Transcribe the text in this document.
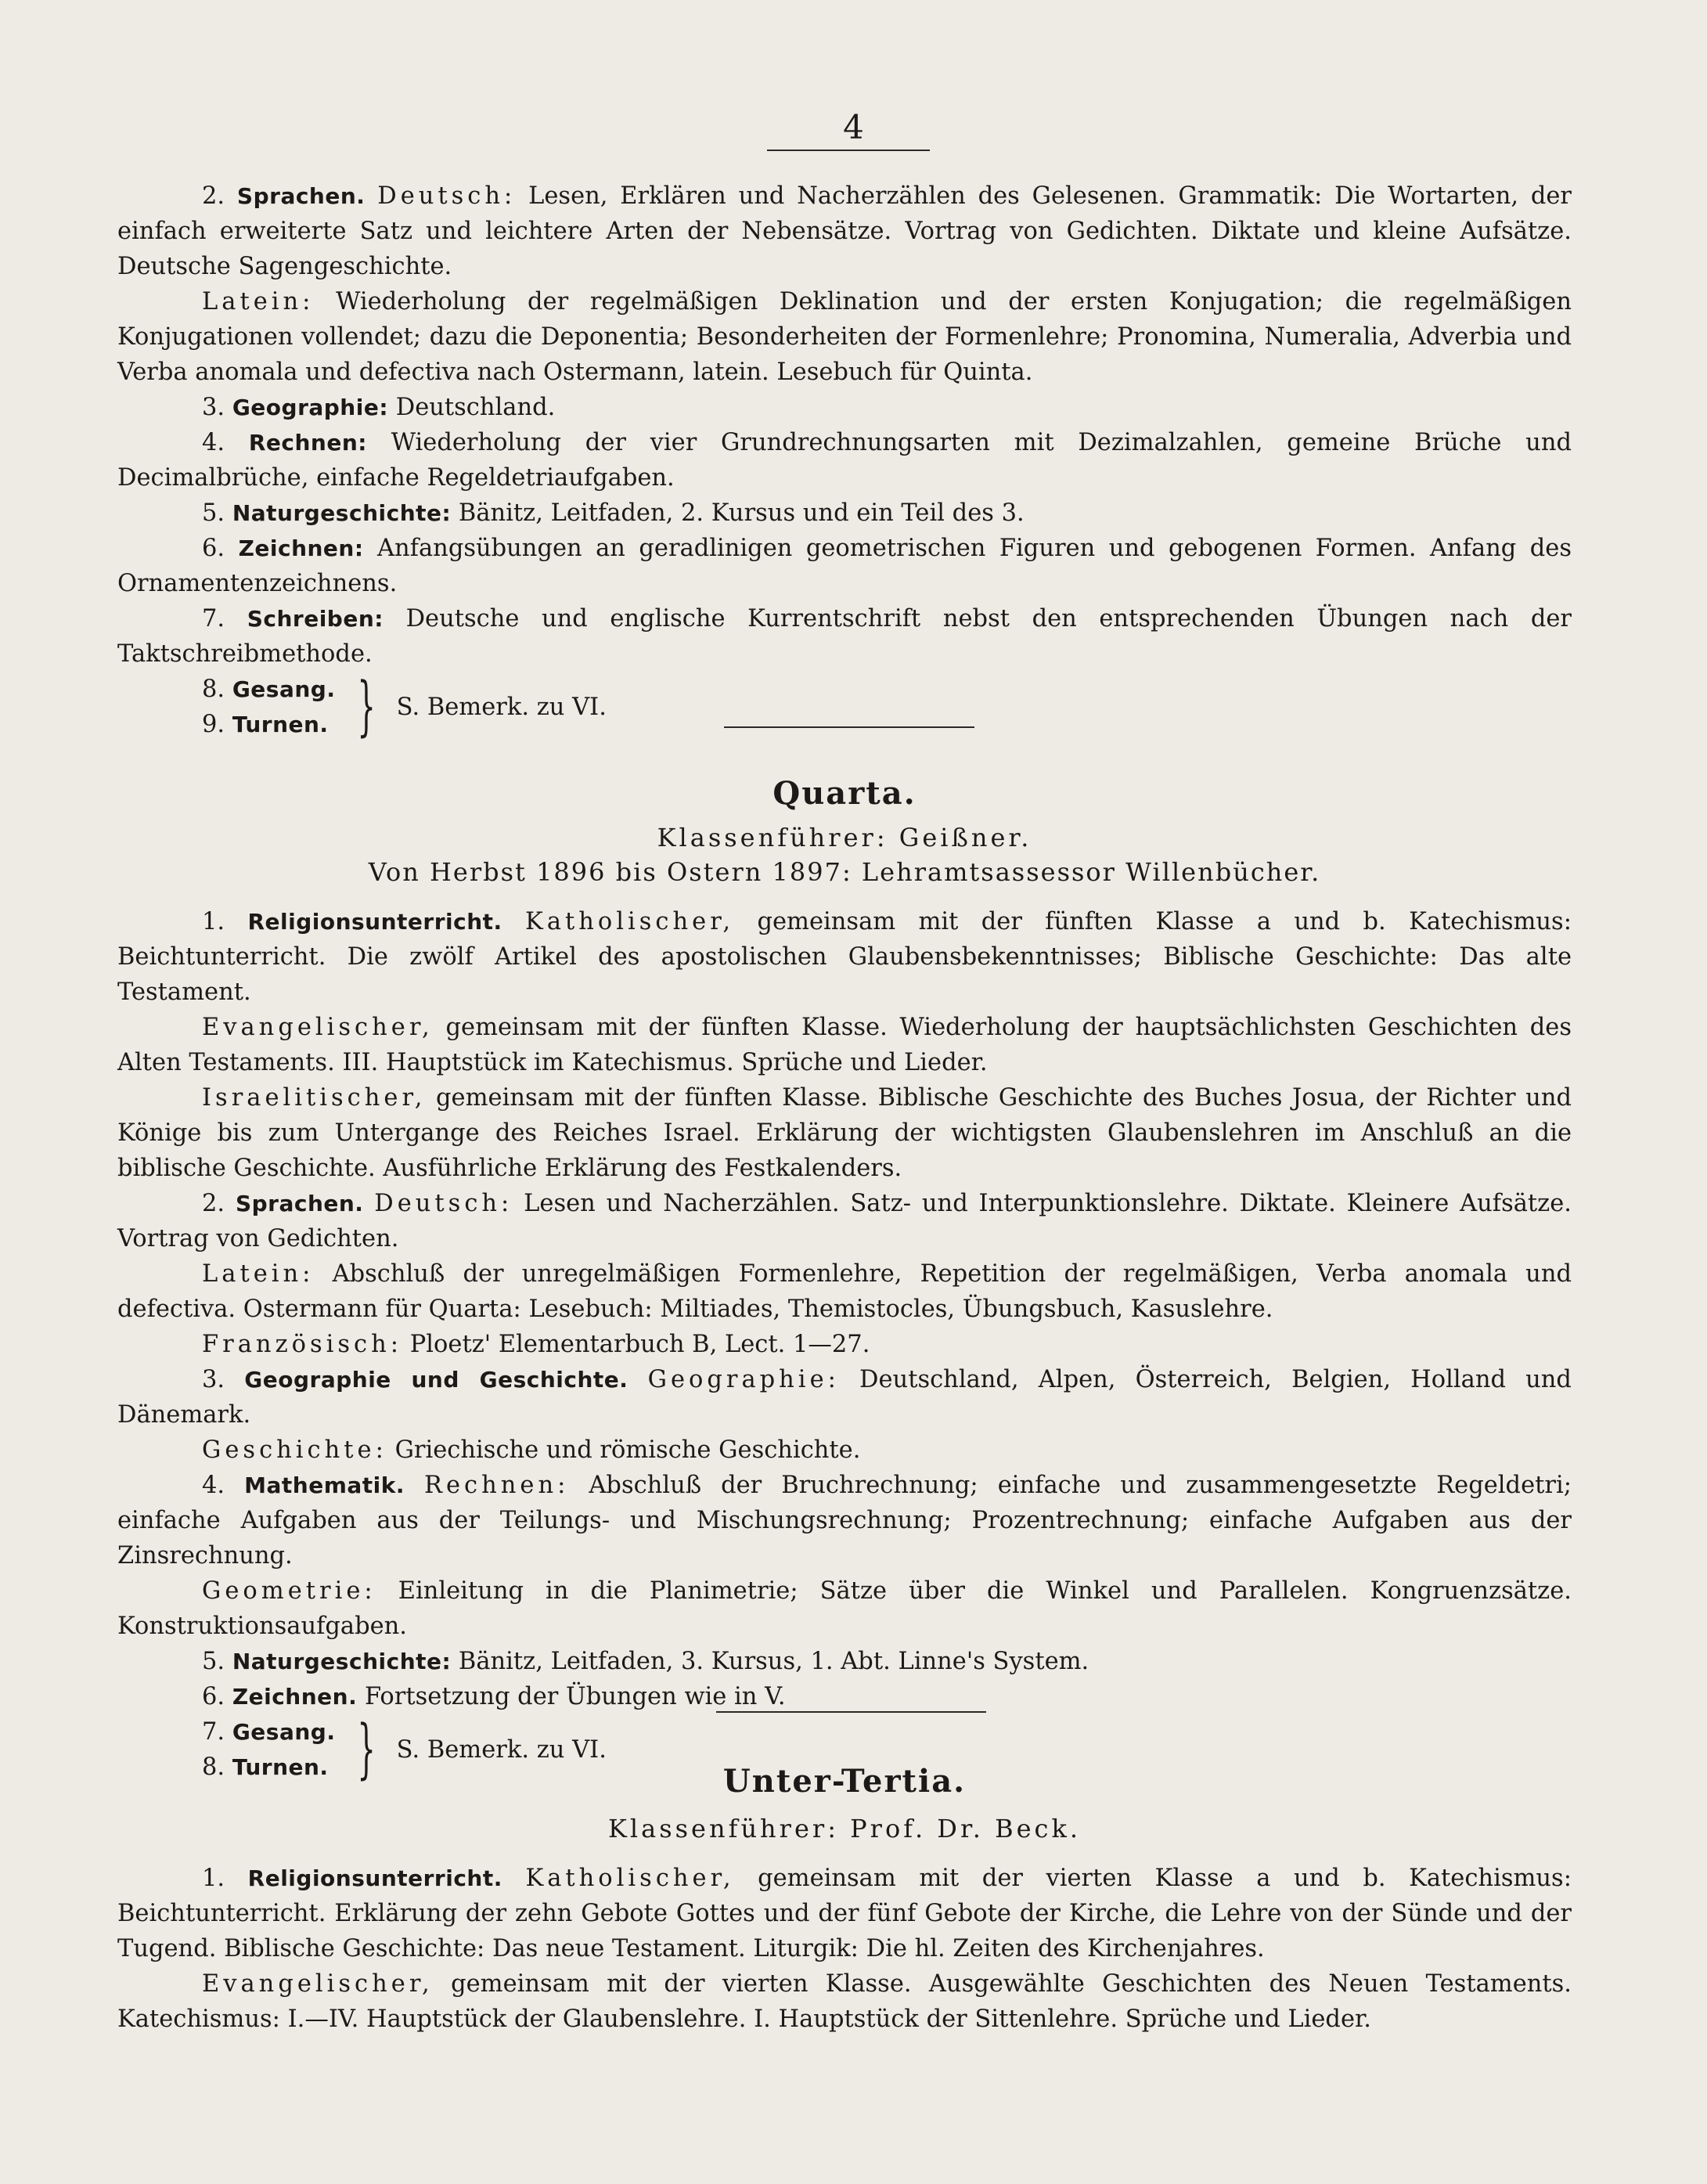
4

2. Sprachen. Deutsch: Lesen, Erklären und Nacherzählen des Gelesenen. Grammatik: Die Wortarten, der einfach erweiterte Satz und leichtere Arten der Nebensätze. Vortrag von Gedichten. Diktate und kleine Aufsätze. Deutsche Sagengeschichte.

Latein: Wiederholung der regelmäßigen Deklination und der ersten Konjugation; die regelmäßigen Konjugationen vollendet; dazu die Deponentia; Besonderheiten der Formenlehre; Pronomina, Numeralia, Adverbia und Verba anomala und defectiva nach Ostermann, latein. Lesebuch für Quinta.

3. Geographie: Deutschland.

4. Rechnen: Wiederholung der vier Grundrechnungsarten mit Dezimalzahlen, gemeine Brüche und Decimalbrüche, einfache Regeldetriaufgaben.

5. Naturgeschichte: Bänitz, Leitfaden, 2. Kursus und ein Teil des 3.

6. Zeichnen: Anfangsübungen an geradlinigen geometrischen Figuren und gebogenen Formen. Anfang des Ornamentenzeichnens.

7. Schreiben: Deutsche und englische Kurrentschrift nebst den entsprechenden Übungen nach der Taktschreibmethode.

8. Gesang.
9. Turnen. } S. Bemerk. zu VI.
Quarta.
Klassenführer: Geißner.
Von Herbst 1896 bis Ostern 1897: Lehramtsassessor Willenbücher.

1. Religionsunterricht. Katholischer, gemeinsam mit der fünften Klasse a und b. Katechismus: Beichtunterricht. Die zwölf Artikel des apostolischen Glaubensbekenntnisses; Biblische Geschichte: Das alte Testament.

Evangelischer, gemeinsam mit der fünften Klasse. Wiederholung der hauptsächlichsten Geschichten des Alten Testaments. III. Hauptstück im Katechismus. Sprüche und Lieder.

Israelitischer, gemeinsam mit der fünften Klasse. Biblische Geschichte des Buches Josua, der Richter und Könige bis zum Untergange des Reiches Israel. Erklärung der wichtigsten Glaubenslehren im Anschluß an die biblische Geschichte. Ausführliche Erklärung des Festkalenders.

2. Sprachen. Deutsch: Lesen und Nacherzählen. Satz- und Interpunktionslehre. Diktate. Kleinere Aufsätze. Vortrag von Gedichten.

Latein: Abschluß der unregelmäßigen Formenlehre, Repetition der regelmäßigen, Verba anomala und defectiva. Ostermann für Quarta: Lesebuch: Miltiades, Themistocles, Übungsbuch, Kasuslehre.

Französisch: Ploetz' Elementarbuch B, Lect. 1—27.

3. Geographie und Geschichte. Geographie: Deutschland, Alpen, Österreich, Belgien, Holland und Dänemark.

Geschichte: Griechische und römische Geschichte.

4. Mathematik. Rechnen: Abschluß der Bruchrechnung; einfache und zusammengesetzte Regeldetri; einfache Aufgaben aus der Teilungs- und Mischungsrechnung; Prozentrechnung; einfache Aufgaben aus der Zinsrechnung.

Geometrie: Einleitung in die Planimetrie; Sätze über die Winkel und Parallelen. Kongruenzsätze. Konstruktionsaufgaben.

5. Naturgeschichte: Bänitz, Leitfaden, 3. Kursus, 1. Abt. Linne's System.

6. Zeichnen. Fortsetzung der Übungen wie in V.

7. Gesang.
8. Turnen. } S. Bemerk. zu VI.
Unter-Tertia.
Klassenführer: Prof. Dr. Beck.

1. Religionsunterricht. Katholischer, gemeinsam mit der vierten Klasse a und b. Katechismus: Beichtunterricht. Erklärung der zehn Gebote Gottes und der fünf Gebote der Kirche, die Lehre von der Sünde und der Tugend. Biblische Geschichte: Das neue Testament. Liturgik: Die hl. Zeiten des Kirchenjahres.

Evangelischer, gemeinsam mit der vierten Klasse. Ausgewählte Geschichten des Neuen Testaments. Katechismus: I.—IV. Hauptstück der Glaubenslehre. I. Hauptstück der Sittenlehre. Sprüche und Lieder.
